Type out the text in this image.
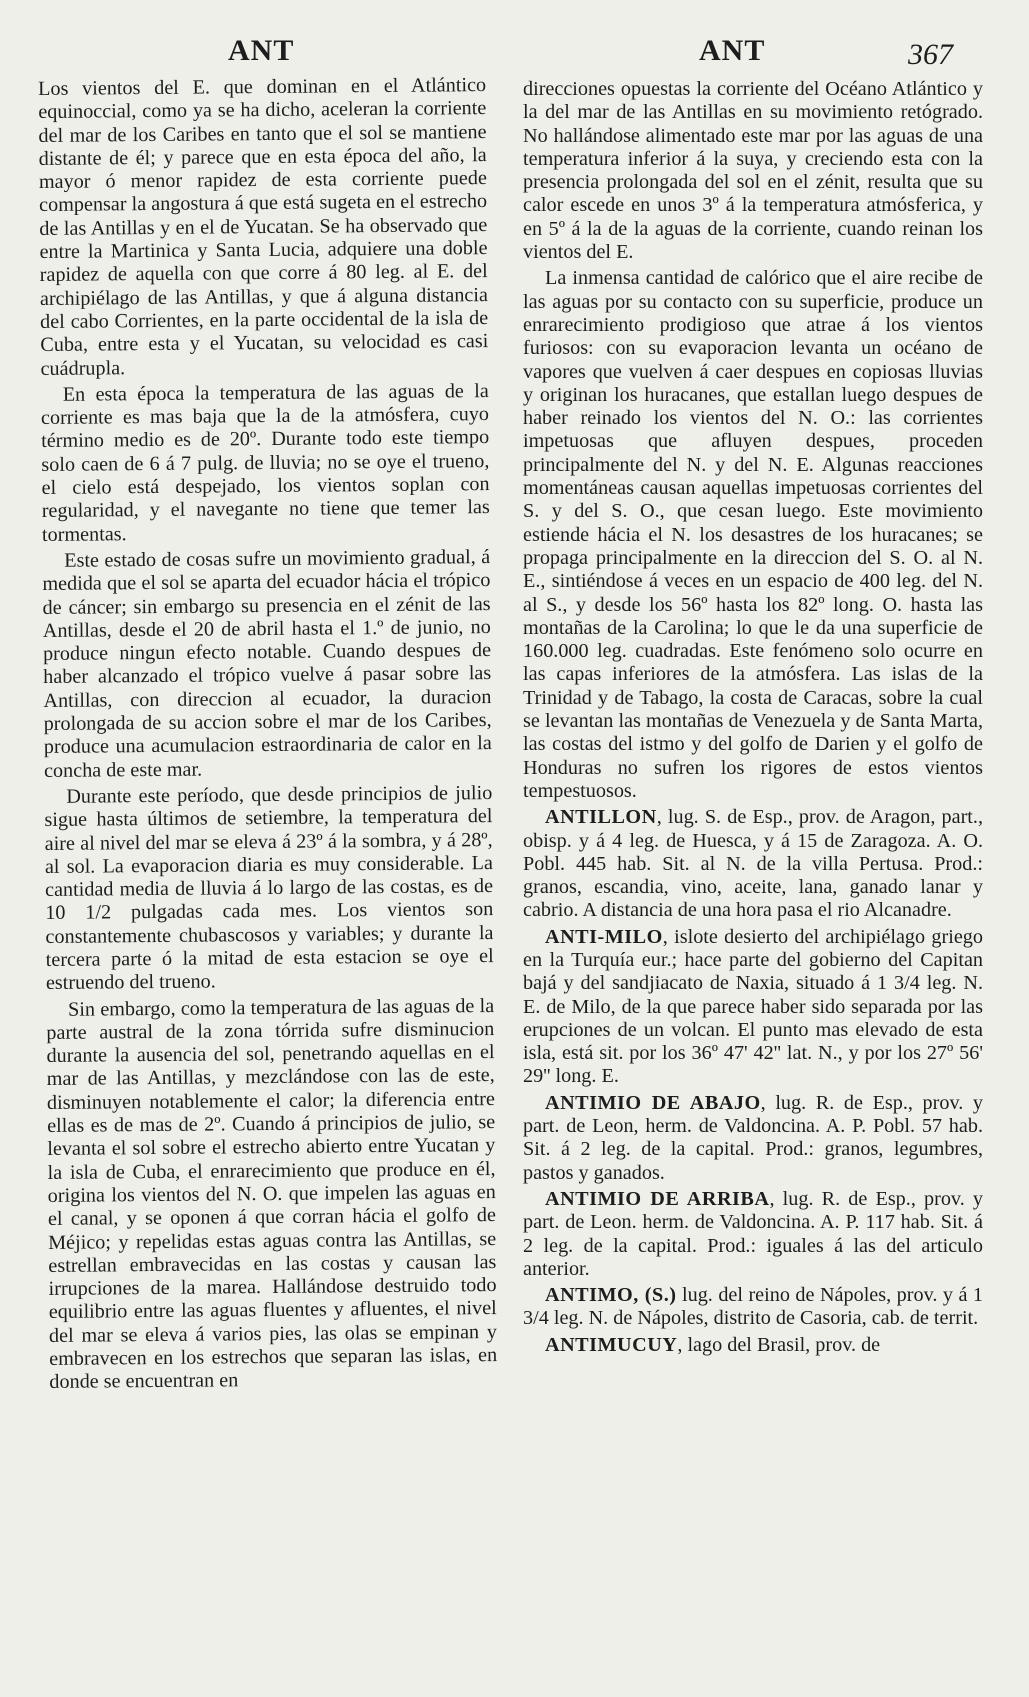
ANT	ANT	367

Los vientos del E. que dominan en el Atlántico equinoccial, como ya se ha dicho, aceleran la corriente del mar de los Caribes en tanto que el sol se mantiene distante de él; y parece que en esta época del año, la mayor ó menor rapidez de esta corriente puede compensar la angostura á que está sugeta en el estrecho de las Antillas y en el de Yucatan. Se ha observado que entre la Martinica y Santa Lucia, adquiere una doble rapidez de aquella con que corre á 80 leg. al E. del archipiélago de las Antillas, y que á alguna distancia del cabo Corrientes, en la parte occidental de la isla de Cuba, entre esta y el Yucatan, su velocidad es casi cuádrupla.

En esta época la temperatura de las aguas de la corriente es mas baja que la de la atmósfera, cuyo término medio es de 20º. Durante todo este tiempo solo caen de 6 á 7 pulg. de lluvia; no se oye el trueno, el cielo está despejado, los vientos soplan con regularidad, y el navegante no tiene que temer las tormentas.

Este estado de cosas sufre un movimiento gradual, á medida que el sol se aparta del ecuador hácia el trópico de cáncer; sin embargo su presencia en el zénit de las Antillas, desde el 20 de abril hasta el 1.º de junio, no produce ningun efecto notable. Cuando despues de haber alcanzado el trópico vuelve á pasar sobre las Antillas, con direccion al ecuador, la duracion prolongada de su accion sobre el mar de los Caribes, produce una acumulacion estraordinaria de calor en la concha de este mar.

Durante este período, que desde principios de julio sigue hasta últimos de setiembre, la temperatura del aire al nivel del mar se eleva á 23º á la sombra, y á 28º, al sol. La evaporacion diaria es muy considerable. La cantidad media de lluvia á lo largo de las costas, es de 10 1/2 pulgadas cada mes. Los vientos son constantemente chubascosos y variables; y durante la tercera parte ó la mitad de esta estacion se oye el estruendo del trueno.

Sin embargo, como la temperatura de las aguas de la parte austral de la zona tórrida sufre disminucion durante la ausencia del sol, penetrando aquellas en el mar de las Antillas, y mezclándose con las de este, disminuyen notablemente el calor; la diferencia entre ellas es de mas de 2º. Cuando á principios de julio, se levanta el sol sobre el estrecho abierto entre Yucatan y la isla de Cuba, el enrarecimiento que produce en él, origina los vientos del N. O. que impelen las aguas en el canal, y se oponen á que corran hácia el golfo de Méjico; y repelidas estas aguas contra las Antillas, se estrellan embravecidas en las costas y causan las irrupciones de la marea. Hallándose destruido todo equilibrio entre las aguas fluentes y afluentes, el nivel del mar se eleva á varios pies, las olas se empinan y embravecen en los estrechos que separan las islas, en donde se encuentran en

direcciones opuestas la corriente del Océano Atlántico y la del mar de las Antillas en su movimiento retógrado. No hallándose alimentado este mar por las aguas de una temperatura inferior á la suya, y creciendo esta con la presencia prolongada del sol en el zénit, resulta que su calor escede en unos 3º á la temperatura atmósferica, y en 5º á la de la aguas de la corriente, cuando reinan los vientos del E.

La inmensa cantidad de calórico que el aire recibe de las aguas por su contacto con su superficie, produce un enrarecimiento prodigioso que atrae á los vientos furiosos: con su evaporacion levanta un océano de vapores que vuelven á caer despues en copiosas lluvias y originan los huracanes, que estallan luego despues de haber reinado los vientos del N. O.: las corrientes impetuosas que afluyen despues, proceden principalmente del N. y del N. E. Algunas reacciones momentáneas causan aquellas impetuosas corrientes del S. y del S. O., que cesan luego. Este movimiento estiende hácia el N. los desastres de los huracanes; se propaga principalmente en la direccion del S. O. al N. E., sintiéndose á veces en un espacio de 400 leg. del N. al S., y desde los 56º hasta los 82º long. O. hasta las montañas de la Carolina; lo que le da una superficie de 160.000 leg. cuadradas. Este fenómeno solo ocurre en las capas inferiores de la atmósfera. Las islas de la Trinidad y de Tabago, la costa de Caracas, sobre la cual se levantan las montañas de Venezuela y de Santa Marta, las costas del istmo y del golfo de Darien y el golfo de Honduras no sufren los rigores de estos vientos tempestuosos.

ANTILLON, lug. S. de Esp., prov. de Aragon, part., obisp. y á 4 leg. de Huesca, y á 15 de Zaragoza. A. O. Pobl. 445 hab. Sit. al N. de la villa Pertusa. Prod.: granos, escandia, vino, aceite, lana, ganado lanar y cabrio. A distancia de una hora pasa el rio Alcanadre.

ANTI-MILO, islote desierto del archipiélago griego en la Turquía eur.; hace parte del gobierno del Capitan bajá y del sandjiacato de Naxia, situado á 1 3/4 leg. N. E. de Milo, de la que parece haber sido separada por las erupciones de un volcan. El punto mas elevado de esta isla, está sit. por los 36º 47' 42'' lat. N., y por los 27º 56' 29'' long. E.

ANTIMIO DE ABAJO, lug. R. de Esp., prov. y part. de Leon, herm. de Valdoncina. A. P. Pobl. 57 hab. Sit. á 2 leg. de la capital. Prod.: granos, legumbres, pastos y ganados.

ANTIMIO DE ARRIBA, lug. R. de Esp., prov. y part. de Leon. herm. de Valdoncina. A. P. 117 hab. Sit. á 2 leg. de la capital. Prod.: iguales á las del articulo anterior.

ANTIMO, (S.) lug. del reino de Nápoles, prov. y á 1 3/4 leg. N. de Nápoles, distrito de Casoria, cab. de territ.

ANTIMUCUY, lago del Brasil, prov. de
